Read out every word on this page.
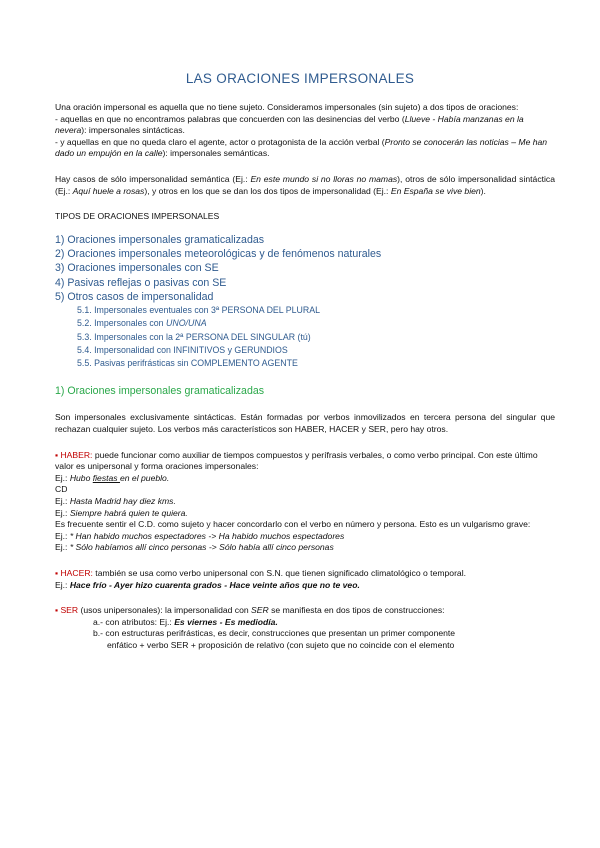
LAS ORACIONES IMPERSONALES

Una oración impersonal es aquella que no tiene sujeto. Consideramos impersonales (sin sujeto) a dos tipos de oraciones:

- aquellas en que no encontramos palabras que concuerden con las desinencias del verbo (Llueve - Había manzanas en la nevera): impersonales sintácticas.

- y aquellas en que no queda claro el agente, actor o protagonista de la acción verbal (Pronto se conocerán las noticias – Me han dado un empujón en la calle): impersonales semánticas.

Hay casos de sólo impersonalidad semántica (Ej.: En este mundo si no lloras no mamas), otros de sólo impersonalidad sintáctica (Ej.: Aquí huele a rosas), y otros en los que se dan los dos tipos de impersonalidad (Ej.: En España se vive bien).

TIPOS DE ORACIONES IMPERSONALES

1) Oraciones impersonales gramaticalizadas
2) Oraciones impersonales meteorológicas y de fenómenos naturales
3) Oraciones impersonales con SE
4) Pasivas reflejas o pasivas con SE
5) Otros casos de impersonalidad
5.1. Impersonales eventuales con 3ª PERSONA DEL PLURAL
5.2. Impersonales con UNO/UNA
5.3. Impersonales con la 2ª PERSONA DEL SINGULAR (tú)
5.4. Impersonalidad con INFINITIVOS y GERUNDIOS
5.5. Pasivas perifrásticas sin COMPLEMENTO AGENTE
1) Oraciones impersonales gramaticalizadas

Son impersonales exclusivamente sintácticas. Están formadas por verbos inmovilizados en tercera persona del singular que rechazan cualquier sujeto. Los verbos más característicos son HABER, HACER y SER, pero hay otros.

▪ HABER: puede funcionar como auxiliar de tiempos compuestos y perífrasis verbales, o como verbo principal. Con este último valor es unipersonal y forma oraciones impersonales:

Ej.: Hubo fiestas en el pueblo.

CD

Ej.: Hasta Madrid hay diez kms.

Ej.: Siempre habrá quien te quiera.

Es frecuente sentir el C.D. como sujeto y hacer concordarlo con el verbo en número y persona. Esto es un vulgarismo grave:

Ej.: * Han habido muchos espectadores -> Ha habido muchos espectadores

Ej.: * Sólo habíamos allí cinco personas -> Sólo había allí cinco personas

▪ HACER: también se usa como verbo unipersonal con S.N. que tienen significado climatológico o temporal.

Ej.: Hace frío - Ayer hizo cuarenta grados - Hace veinte años que no te veo.

▪ SER (usos unipersonales): la impersonalidad con SER se manifiesta en dos tipos de construcciones:

a.- con atributos: Ej.: Es viernes - Es mediodía.

b.- con estructuras perifrásticas, es decir, construcciones que presentan un primer componente

enfático + verbo SER + proposición de relativo (con sujeto que no coincide con el elemento
